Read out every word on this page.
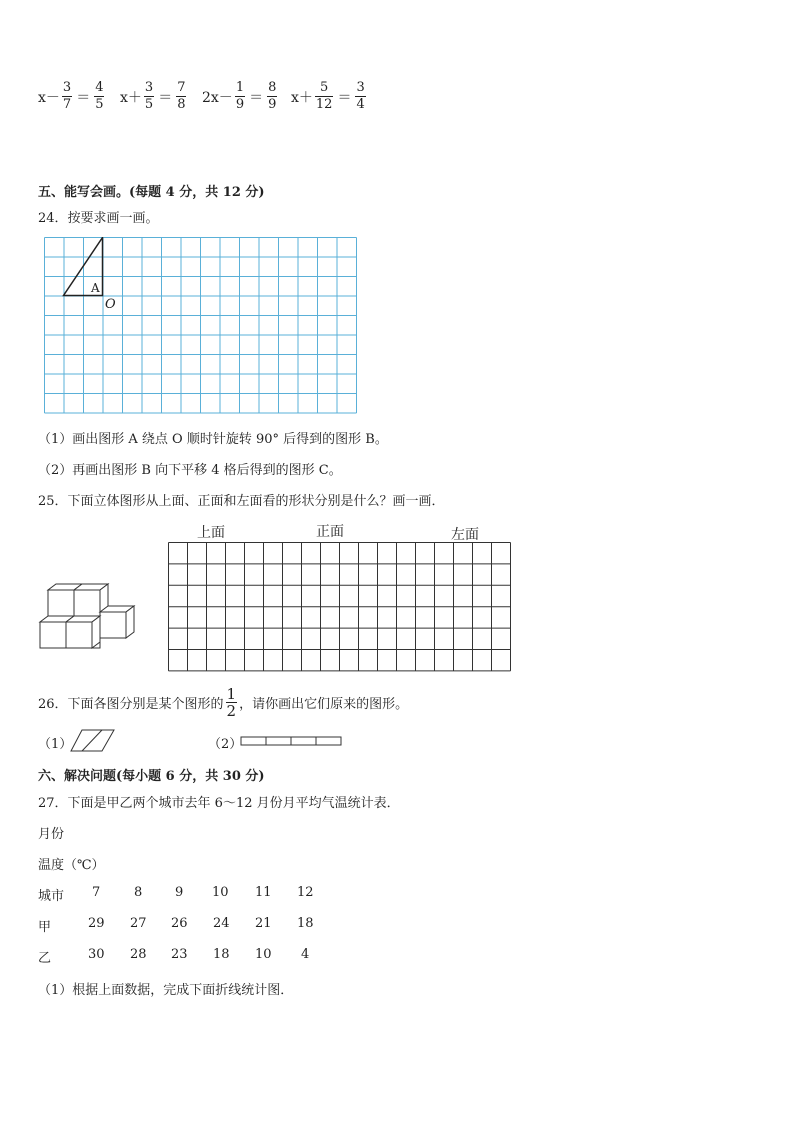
$x- \frac{3}{7} = \frac{4}{5} x+ \frac{3}{5} = \frac{7}{8} 2x- \frac{1}{9} = \frac{8}{9} x+ \frac{5}{12} = \frac{3}{4}$
五、能写会画。(每题 4 分，共 12 分)
24．按要求画一画。
A
O
（1）画出图形 A 绕点 O 顺时针旋转 90° 后得到的图形 B。
（2）再画出图形 B 向下平移 4 格后得到的图形 C。
25．下面立体图形从上面、正面和左面看的形状分别是什么？画一画．
上面	正面	左面
26．下面各图分别是某个图形的 $\frac{1}{2}$ ，请你画出它们原来的图形。
（1）	（2）
六、解决问题(每小题 6 分，共 30 分)
27．下面是甲乙两个城市去年 6～12 月份月平均气温统计表．
月份
温度（℃）
城市 7	8	9 10 11 12
甲	29 27 26 24 21 18
乙	30 28 23 18 10 4
（1）根据上面数据，完成下面折线统计图．
